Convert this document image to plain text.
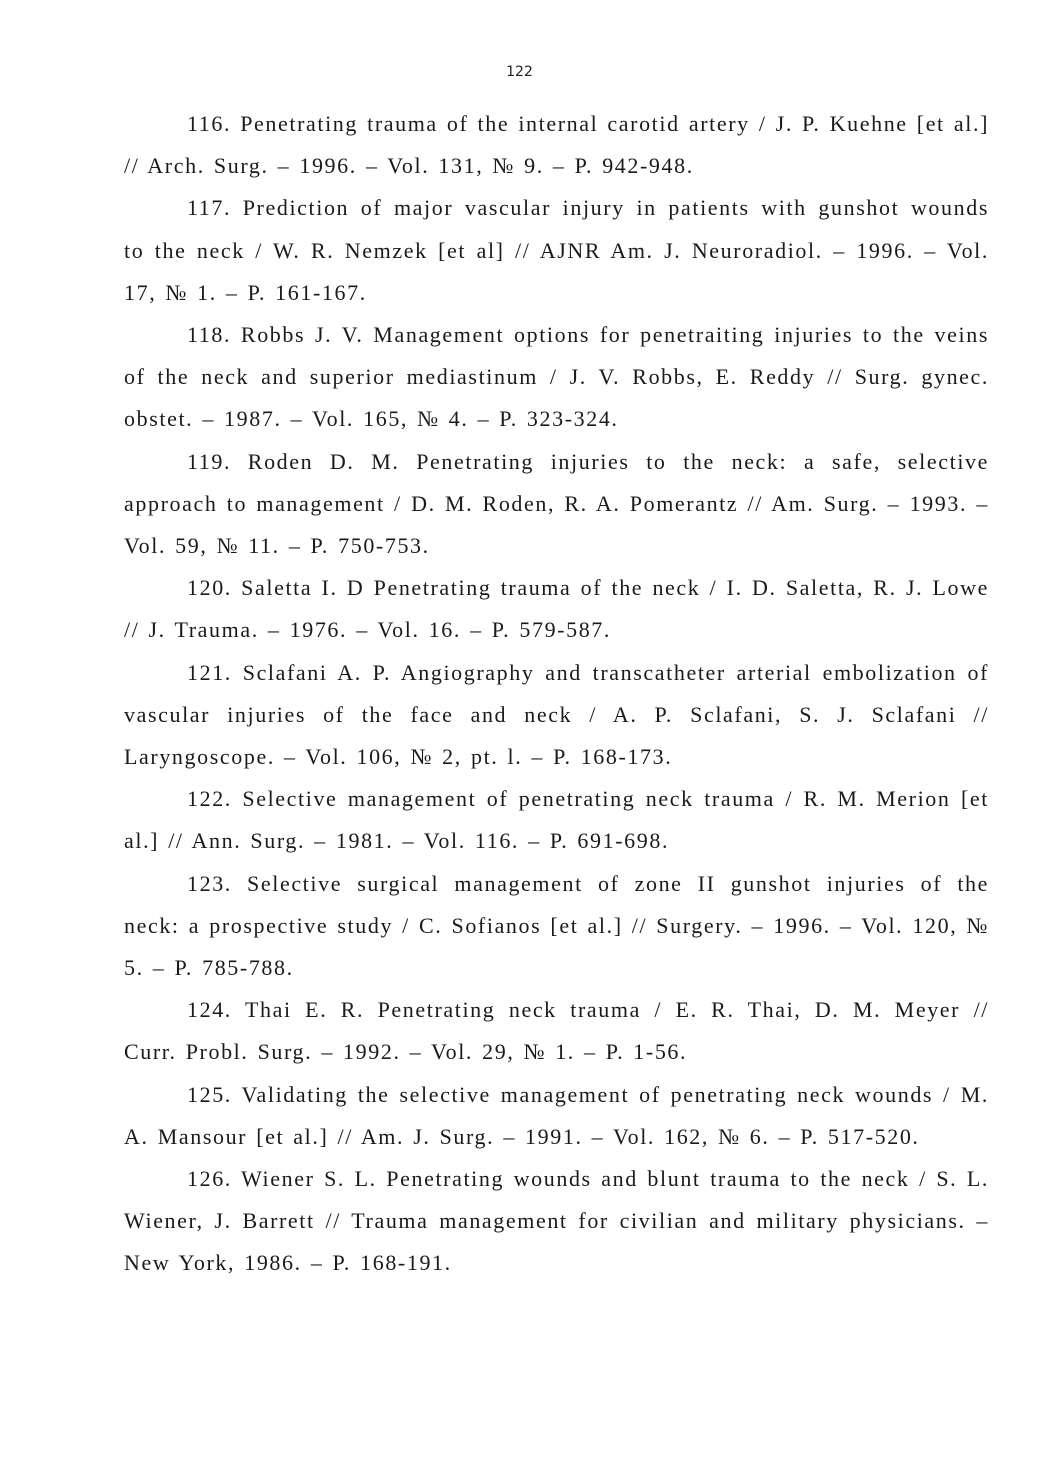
122
116. Penetrating trauma of the internal carotid artery / J. P. Kuehne [et al.] // Arch. Surg. – 1996. – Vol. 131, № 9. – P. 942-948.
117. Prediction of major vascular injury in patients with gunshot wounds to the neck / W. R. Nemzek [et al] // AJNR Am. J. Neuroradiol. – 1996. – Vol. 17, № 1. – P. 161-167.
118. Robbs J. V. Management options for penetraiting injuries to the veins of the neck and superior mediastinum / J. V. Robbs, E. Reddy // Surg. gynec. obstet. – 1987. – Vol. 165, № 4. – P. 323-324.
119. Roden D. M. Penetrating injuries to the neck: a safe, selective approach to management / D. M. Roden, R. A. Pomerantz // Am. Surg. – 1993. – Vol. 59, № 11. – P. 750-753.
120. Saletta I. D Penetrating trauma of the neck / I. D. Saletta, R. J. Lowe // J. Trauma. – 1976. – Vol. 16. – P. 579-587.
121. Sclafani A. P. Angiography and transcatheter arterial embolization of vascular injuries of the face and neck / A. P. Sclafani, S. J. Sclafani // Laryngoscope. – Vol. 106, № 2, pt. l. – P. 168-173.
122. Selective management of penetrating neck trauma / R. M. Merion [et al.] // Ann. Surg. – 1981. – Vol. 116. – P. 691-698.
123. Selective surgical management of zone II gunshot injuries of the neck: a prospective study / C. Sofianos [et al.] // Surgery. – 1996. – Vol. 120, № 5. – P. 785-788.
124. Thai E. R. Penetrating neck trauma / E. R. Thai, D. M. Meyer // Curr. Probl. Surg. – 1992. – Vol. 29, № 1. – P. 1-56.
125. Validating the selective management of penetrating neck wounds / M. A. Mansour [et al.] // Am. J. Surg. – 1991. – Vol. 162, № 6. – P. 517-520.
126. Wiener S. L. Penetrating wounds and blunt trauma to the neck / S. L. Wiener, J. Barrett // Trauma management for civilian and military physicians. – New York, 1986. – P. 168-191.
